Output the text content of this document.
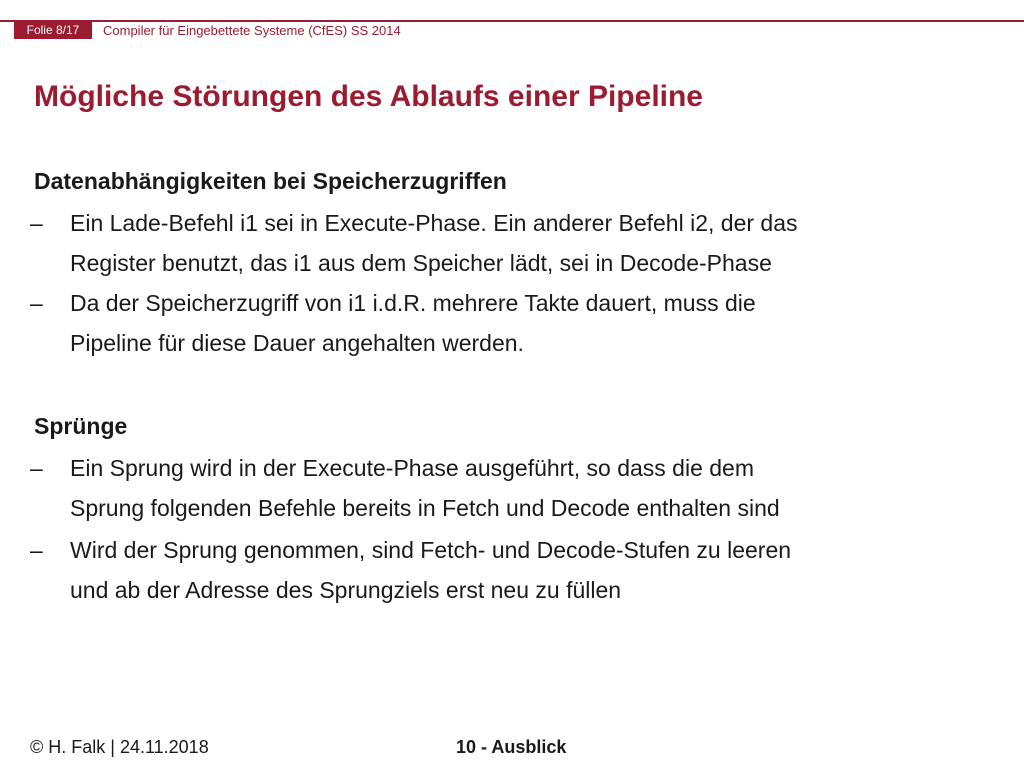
Folie 8/17	Compiler für Eingebettete Systeme (CfES) SS 2014
Mögliche Störungen des Ablaufs einer Pipeline
Datenabhängigkeiten bei Speicherzugriffen
– Ein Lade-Befehl i1 sei in Execute-Phase. Ein anderer Befehl i2, der das
Register benutzt, das i1 aus dem Speicher lädt, sei in Decode-Phase
– Da der Speicherzugriff von i1 i.d.R. mehrere Takte dauert, muss die
Pipeline für diese Dauer angehalten werden.
Sprünge
– Ein Sprung wird in der Execute-Phase ausgeführt, so dass die dem
Sprung folgenden Befehle bereits in Fetch und Decode enthalten sind
– Wird der Sprung genommen, sind Fetch- und Decode-Stufen zu leeren
und ab der Adresse des Sprungziels erst neu zu füllen
© H. Falk | 24.11.2018	10 - Ausblick
